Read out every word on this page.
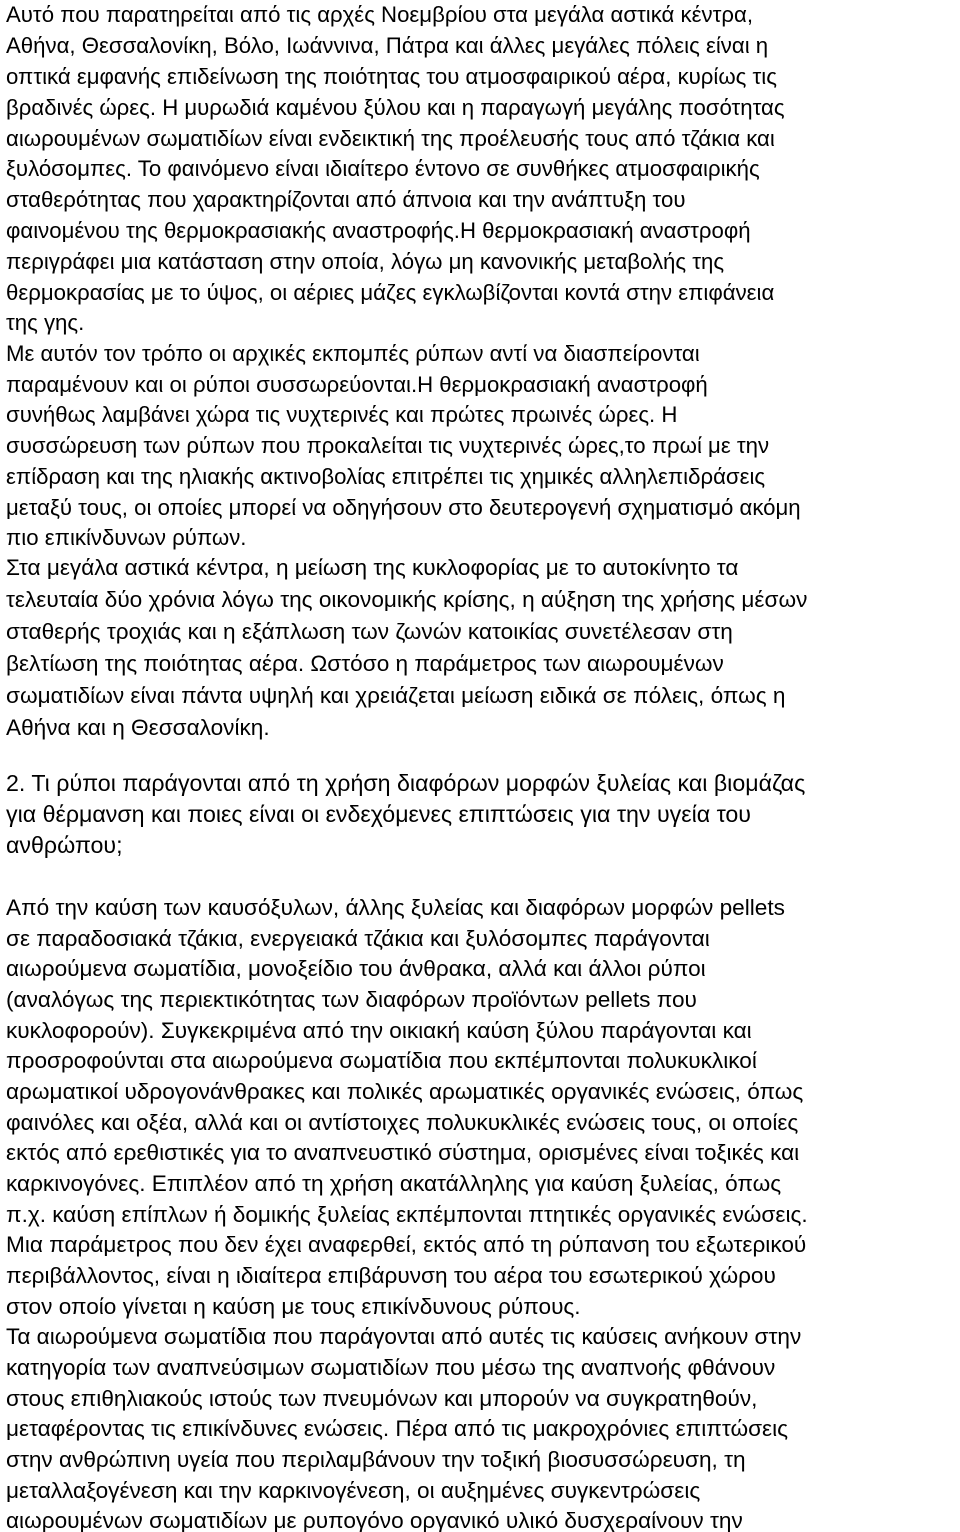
Αυτό που παρατηρείται από τις αρχές Νοεμβρίου στα μεγάλα αστικά κέντρα,
Αθήνα, Θεσσαλονίκη, Βόλο, Ιωάννινα, Πάτρα και άλλες μεγάλες πόλεις είναι η
οπτικά εμφανής επιδείνωση της ποιότητας του ατμοσφαιρικού αέρα, κυρίως τις
βραδινές ώρες. Η μυρωδιά καμένου ξύλου και η παραγωγή μεγάλης ποσότητας
αιωρουμένων σωματιδίων είναι ενδεικτική της προέλευσής τους από τζάκια και
ξυλόσομπες. Το φαινόμενο είναι ιδιαίτερο έντονο σε συνθήκες ατμοσφαιρικής
σταθερότητας που χαρακτηρίζονται από άπνοια και την ανάπτυξη του
φαινομένου της θερμοκρασιακής αναστροφής.Η θερμοκρασιακή αναστροφή
περιγράφει μια κατάσταση στην οποία, λόγω μη κανονικής μεταβολής της
θερμοκρασίας με το ύψος, οι αέριες μάζες εγκλωβίζονται κοντά στην επιφάνεια
της γης.
Με αυτόν τον τρόπο οι αρχικές εκπομπές ρύπων αντί να διασπείρονται
παραμένουν και οι ρύποι συσσωρεύονται.Η θερμοκρασιακή αναστροφή
συνήθως λαμβάνει χώρα τις νυχτερινές και πρώτες πρωινές ώρες. Η
συσσώρευση των ρύπων που προκαλείται τις νυχτερινές ώρες,το πρωί με την
επίδραση και της ηλιακής ακτινοβολίας επιτρέπει τις χημικές αλληλεπιδράσεις
μεταξύ τους, οι οποίες μπορεί να οδηγήσουν στο δευτερογενή σχηματισμό ακόμη
πιο επικίνδυνων ρύπων.
Στα μεγάλα αστικά κέντρα, η μείωση της κυκλοφορίας με το αυτοκίνητο τα
τελευταία δύο χρόνια λόγω της οικονομικής κρίσης, η αύξηση της χρήσης μέσων
σταθερής τροχιάς και η εξάπλωση των ζωνών κατοικίας συνετέλεσαν στη
βελτίωση της ποιότητας αέρα. Ωστόσο η παράμετρος των αιωρουμένων
σωματιδίων είναι πάντα υψηλή και χρειάζεται μείωση ειδικά σε πόλεις, όπως η
Αθήνα και η Θεσσαλονίκη.
2. Τι ρύποι παράγονται από τη χρήση διαφόρων μορφών ξυλείας και βιομάζας
για θέρμανση και ποιες είναι οι ενδεχόμενες επιπτώσεις για την υγεία του
ανθρώπου;
Από την καύση των καυσόξυλων, άλλης ξυλείας και διαφόρων μορφών pellets
σε παραδοσιακά τζάκια, ενεργειακά τζάκια και ξυλόσομπες παράγονται
αιωρούμενα σωματίδια, μονοξείδιο του άνθρακα, αλλά και άλλοι ρύποι
(αναλόγως της περιεκτικότητας των διαφόρων προϊόντων pellets που
κυκλοφορούν). Συγκεκριμένα από την οικιακή καύση ξύλου παράγονται και
προσροφούνται στα αιωρούμενα σωματίδια που εκπέμπονται πολυκυκλικοί
αρωματικοί υδρογονάνθρακες και πολικές αρωματικές οργανικές ενώσεις, όπως
φαινόλες και οξέα, αλλά και οι αντίστοιχες πολυκυκλικές ενώσεις τους, οι οποίες
εκτός από ερεθιστικές για το αναπνευστικό σύστημα, ορισμένες είναι τοξικές και
καρκινογόνες. Επιπλέον από τη χρήση ακατάλληλης για καύση ξυλείας, όπως
π.χ. καύση επίπλων ή δομικής ξυλείας εκπέμπονται πτητικές οργανικές ενώσεις.
Μια παράμετρος που δεν έχει αναφερθεί, εκτός από τη ρύπανση του εξωτερικού
περιβάλλοντος, είναι η ιδιαίτερα επιβάρυνση του αέρα του εσωτερικού χώρου
στον οποίο γίνεται η καύση με τους επικίνδυνους ρύπους.
Τα αιωρούμενα σωματίδια που παράγονται από αυτές τις καύσεις ανήκουν στην
κατηγορία των αναπνεύσιμων σωματιδίων που μέσω της αναπνοής φθάνουν
στους επιθηλιακούς ιστούς των πνευμόνων και μπορούν να συγκρατηθούν,
μεταφέροντας τις επικίνδυνες ενώσεις. Πέρα από τις μακροχρόνιες επιπτώσεις
στην ανθρώπινη υγεία που περιλαμβάνουν την τοξική βιοσυσσώρευση, τη
μεταλλαξογένεση και την καρκινογένεση, οι αυξημένες συγκεντρώσεις
αιωρουμένων σωματιδίων με ρυπογόνο οργανικό υλικό δυσχεραίνουν την
